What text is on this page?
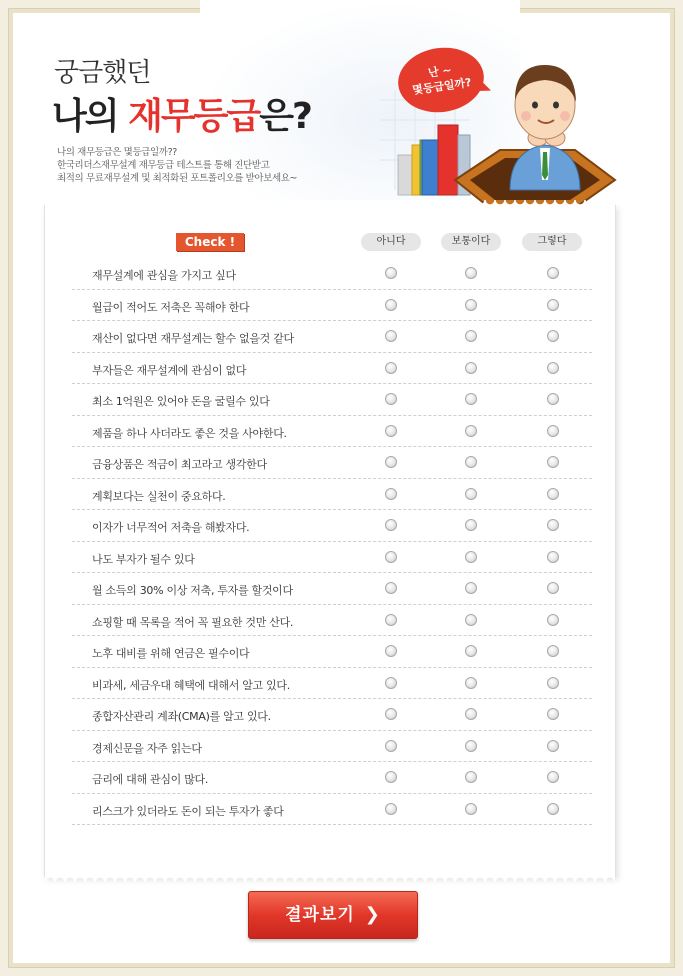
궁금했던
나의 재무등급은?
나의 재무등급은 몇등급일까??
한국리더스재무설계 재무등급 테스트를 통해 진단받고
최적의 무료재무설계 및 최적화된 포트폴리오를 받아보세요~
난 ~
몇등급일까?
Check !	아니다	보통이다	그렇다
재무설계에 관심을 가지고 싶다
월급이 적어도 저축은 꼭해야 한다
재산이 없다면 재무설계는 할수 없을것 같다
부자들은 재무설계에 관심이 없다
최소 1억원은 있어야 돈을 굴릴수 있다
제품을 하나 사더라도 좋은 것을 사야한다.
금융상품은 적금이 최고라고 생각한다
계획보다는 실천이 중요하다.
이자가 너무적어 저축을 해봤자다.
나도 부자가 될수 있다
월 소득의 30% 이상 저축, 투자를 할것이다
쇼핑할 때 목록을 적어 꼭 필요한 것만 산다.
노후 대비를 위해 연금은 필수이다
비과세, 세금우대 혜택에 대해서 알고 있다.
종합자산관리 계좌(CMA)를 알고 있다.
경제신문을 자주 읽는다
금리에 대해 관심이 많다.
리스크가 있더라도 돈이 되는 투자가 좋다
결과보기 ❯
